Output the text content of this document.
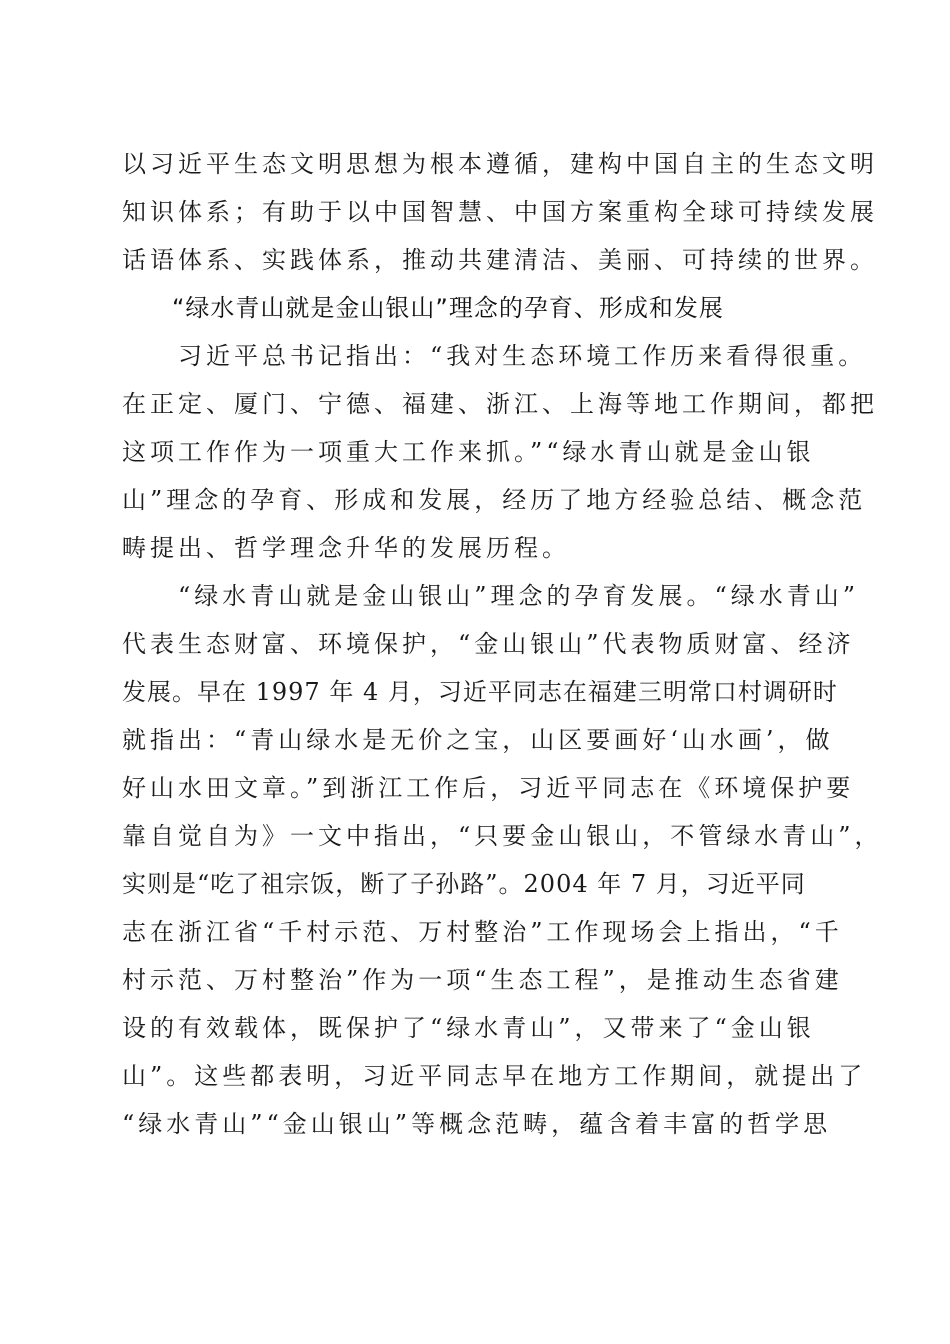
以习近平生态文明思想为根本遵循，建构中国自主的生态文明
知识体系；有助于以中国智慧、中国方案重构全球可持续发展
话语体系、实践体系，推动共建清洁、美丽、可持续的世界。
“绿水青山就是金山银山”理念的孕育、形成和发展
　　习近平总书记指出：“我对生态环境工作历来看得很重。
在正定、厦门、宁德、福建、浙江、上海等地工作期间，都把
这项工作作为一项重大工作来抓。”“绿水青山就是金山银
山”理念的孕育、形成和发展，经历了地方经验总结、概念范
畴提出、哲学理念升华的发展历程。
　　“绿水青山就是金山银山”理念的孕育发展。“绿水青山”
代表生态财富、环境保护，“金山银山”代表物质财富、经济
发展。早在 1997 年 4 月，习近平同志在福建三明常口村调研时
就指出：“青山绿水是无价之宝，山区要画好‘山水画’，做
好山水田文章。”到浙江工作后，习近平同志在《环境保护要
靠自觉自为》一文中指出，“只要金山银山，不管绿水青山”，
实则是“吃了祖宗饭，断了子孙路”。2004 年 7 月，习近平同
志在浙江省“千村示范、万村整治”工作现场会上指出，“千
村示范、万村整治”作为一项“生态工程”，是推动生态省建
设的有效载体，既保护了“绿水青山”，又带来了“金山银
山”。这些都表明，习近平同志早在地方工作期间，就提出了
“绿水青山”“金山银山”等概念范畴，蕴含着丰富的哲学思
